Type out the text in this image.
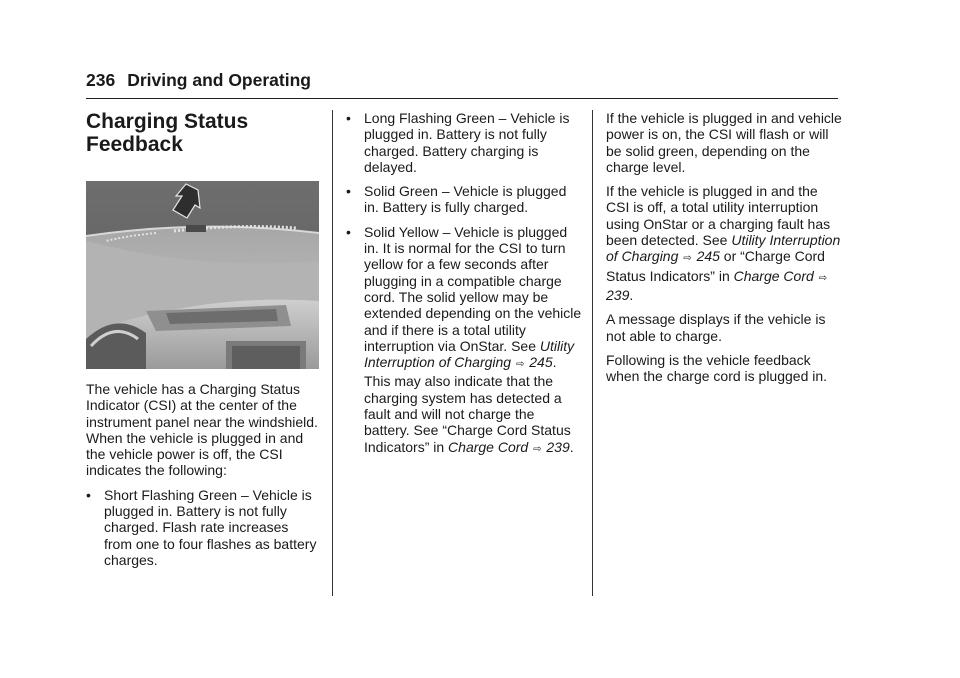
236 Driving and Operating
Charging Status
Feedback

The vehicle has a Charging Status Indicator (CSI) at the center of the instrument panel near the windshield. When the vehicle is plugged in and the vehicle power is off, the CSI indicates the following:

• Short Flashing Green – Vehicle is plugged in. Battery is not fully charged. Flash rate increases from one to four flashes as battery charges.
• Long Flashing Green – Vehicle is plugged in. Battery is not fully charged. Battery charging is delayed.
• Solid Green – Vehicle is plugged in. Battery is fully charged.
• Solid Yellow – Vehicle is plugged in. It is normal for the CSI to turn yellow for a few seconds after plugging in a compatible charge cord. The solid yellow may be extended depending on the vehicle and if there is a total utility interruption via OnStar. See Utility Interruption of Charging ⇨ 245. This may also indicate that the charging system has detected a fault and will not charge the battery. See “Charge Cord Status Indicators” in Charge Cord ⇨ 239.

If the vehicle is plugged in and vehicle power is on, the CSI will flash or will be solid green, depending on the charge level.

If the vehicle is plugged in and the CSI is off, a total utility interruption using OnStar or a charging fault has been detected. See Utility Interruption of Charging ⇨ 245 or “Charge Cord Status Indicators” in Charge Cord ⇨ 239.

A message displays if the vehicle is not able to charge.

Following is the vehicle feedback when the charge cord is plugged in.
